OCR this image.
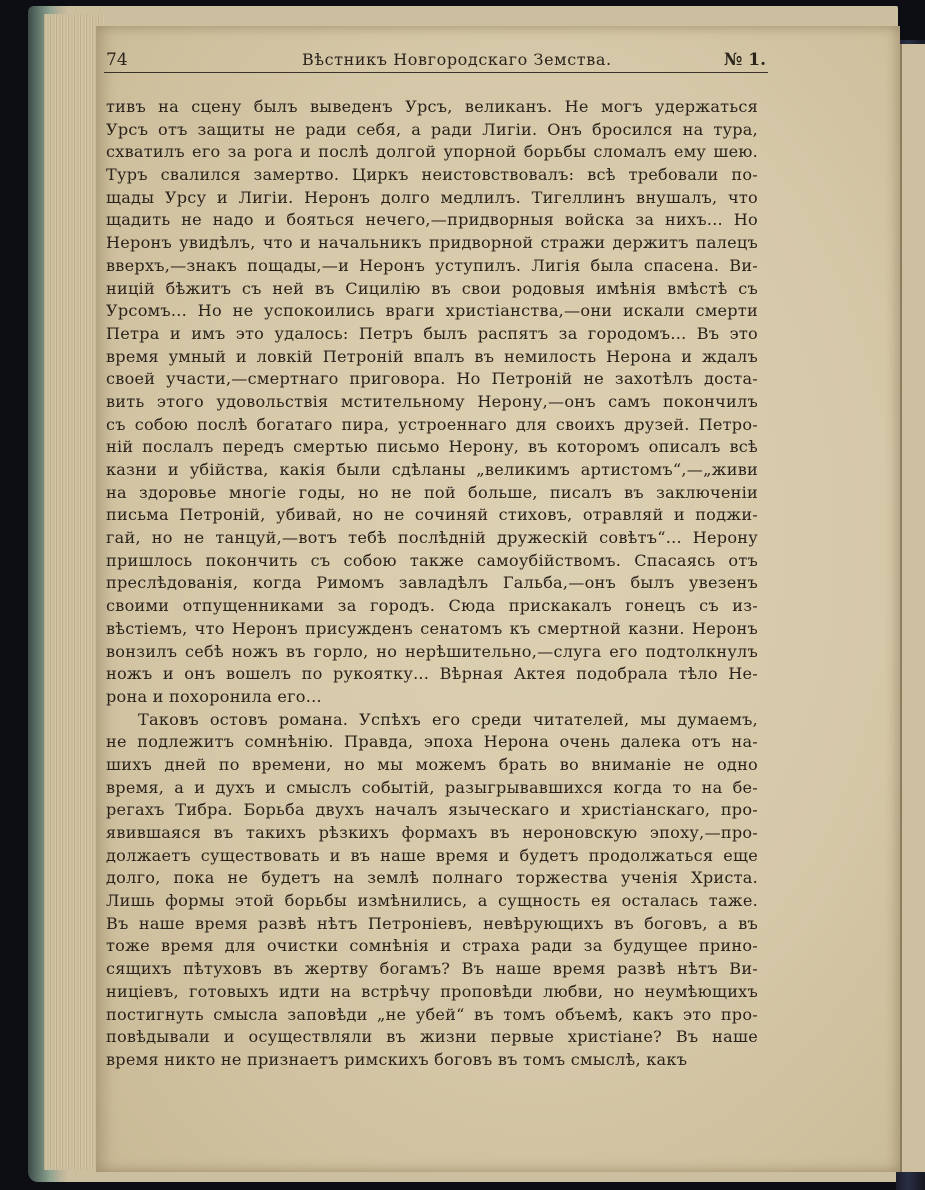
74	Вѣстникъ Новгородскаго Земства.	№ 1.
тивъ на сцену былъ выведенъ Урсъ, великанъ. Не могъ удержаться
Урсъ отъ защиты не ради себя, а ради Лигіи. Онъ бросился на тура,
схватилъ его за рога и послѣ долгой упорной борьбы сломалъ ему шею.
Туръ свалился замертво. Циркъ неистовствовалъ: всѣ требовали по-
щады Урсу и Лигіи. Неронъ долго медлилъ. Тигеллинъ внушалъ, что
щадить не надо и бояться нечего,—придворныя войска за нихъ... Но
Неронъ увидѣлъ, что и начальникъ придворной стражи держитъ палецъ
вверхъ,—знакъ пощады,—и Неронъ уступилъ. Лигія была спасена. Ви-
ницій бѣжитъ съ ней въ Сицилію въ свои родовыя имѣнія вмѣстѣ съ
Урсомъ... Но не успокоились враги христіанства,—они искали смерти
Петра и имъ это удалось: Петръ былъ распятъ за городомъ... Въ это
время умный и ловкій Петроній впалъ въ немилость Нерона и ждалъ
своей участи,—смертнаго приговора. Но Петроній не захотѣлъ доста-
вить этого удовольствія мстительному Нерону,—онъ самъ покончилъ
съ собою послѣ богатаго пира, устроеннаго для своихъ друзей. Петро-
ній послалъ передъ смертью письмо Нерону, въ которомъ описалъ всѣ
казни и убійства, какія были сдѣланы „великимъ артистомъ“,—„живи
на здоровье многіе годы, но не пой больше, писалъ въ заключеніи
письма Петроній, убивай, но не сочиняй стиховъ, отравляй и поджи-
гай, но не танцуй,—вотъ тебѣ послѣдній дружескій совѣтъ“... Нерону
пришлось покончить съ собою также самоубійствомъ. Спасаясь отъ
преслѣдованія, когда Римомъ завладѣлъ Гальба,—онъ былъ увезенъ
своими отпущенниками за городъ. Сюда прискакалъ гонецъ съ из-
вѣстіемъ, что Неронъ присужденъ сенатомъ къ смертной казни. Неронъ
вонзилъ себѣ ножъ въ горло, но нерѣшительно,—слуга его подтолкнулъ
ножъ и онъ вошелъ по рукоятку... Вѣрная Актея подобрала тѣло Не-
рона и похоронила его...
Таковъ остовъ романа. Успѣхъ его среди читателей, мы думаемъ,
не подлежитъ сомнѣнію. Правда, эпоха Нерона очень далека отъ на-
шихъ дней по времени, но мы можемъ брать во вниманіе не одно
время, а и духъ и смыслъ событій, разыгрывавшихся когда то на бе-
регахъ Тибра. Борьба двухъ началъ языческаго и христіанскаго, про-
явившаяся въ такихъ рѣзкихъ формахъ въ нероновскую эпоху,—про-
должаетъ существовать и въ наше время и будетъ продолжаться еще
долго, пока не будетъ на землѣ полнаго торжества ученія Христа.
Лишь формы этой борьбы измѣнились, а сущность ея осталась таже.
Въ наше время развѣ нѣтъ Петроніевъ, невѣрующихъ въ боговъ, а въ
тоже время для очистки сомнѣнія и страха ради за будущее прино-
сящихъ пѣтуховъ въ жертву богамъ? Въ наше время развѣ нѣтъ Ви-
ниціевъ, готовыхъ идти на встрѣчу проповѣди любви, но неумѣющихъ
постигнуть смысла заповѣди „не убей“ въ томъ объемѣ, какъ это про-
повѣдывали и осуществляли въ жизни первые христіане? Въ наше
время никто не признаетъ римскихъ боговъ въ томъ смыслѣ, какъ
